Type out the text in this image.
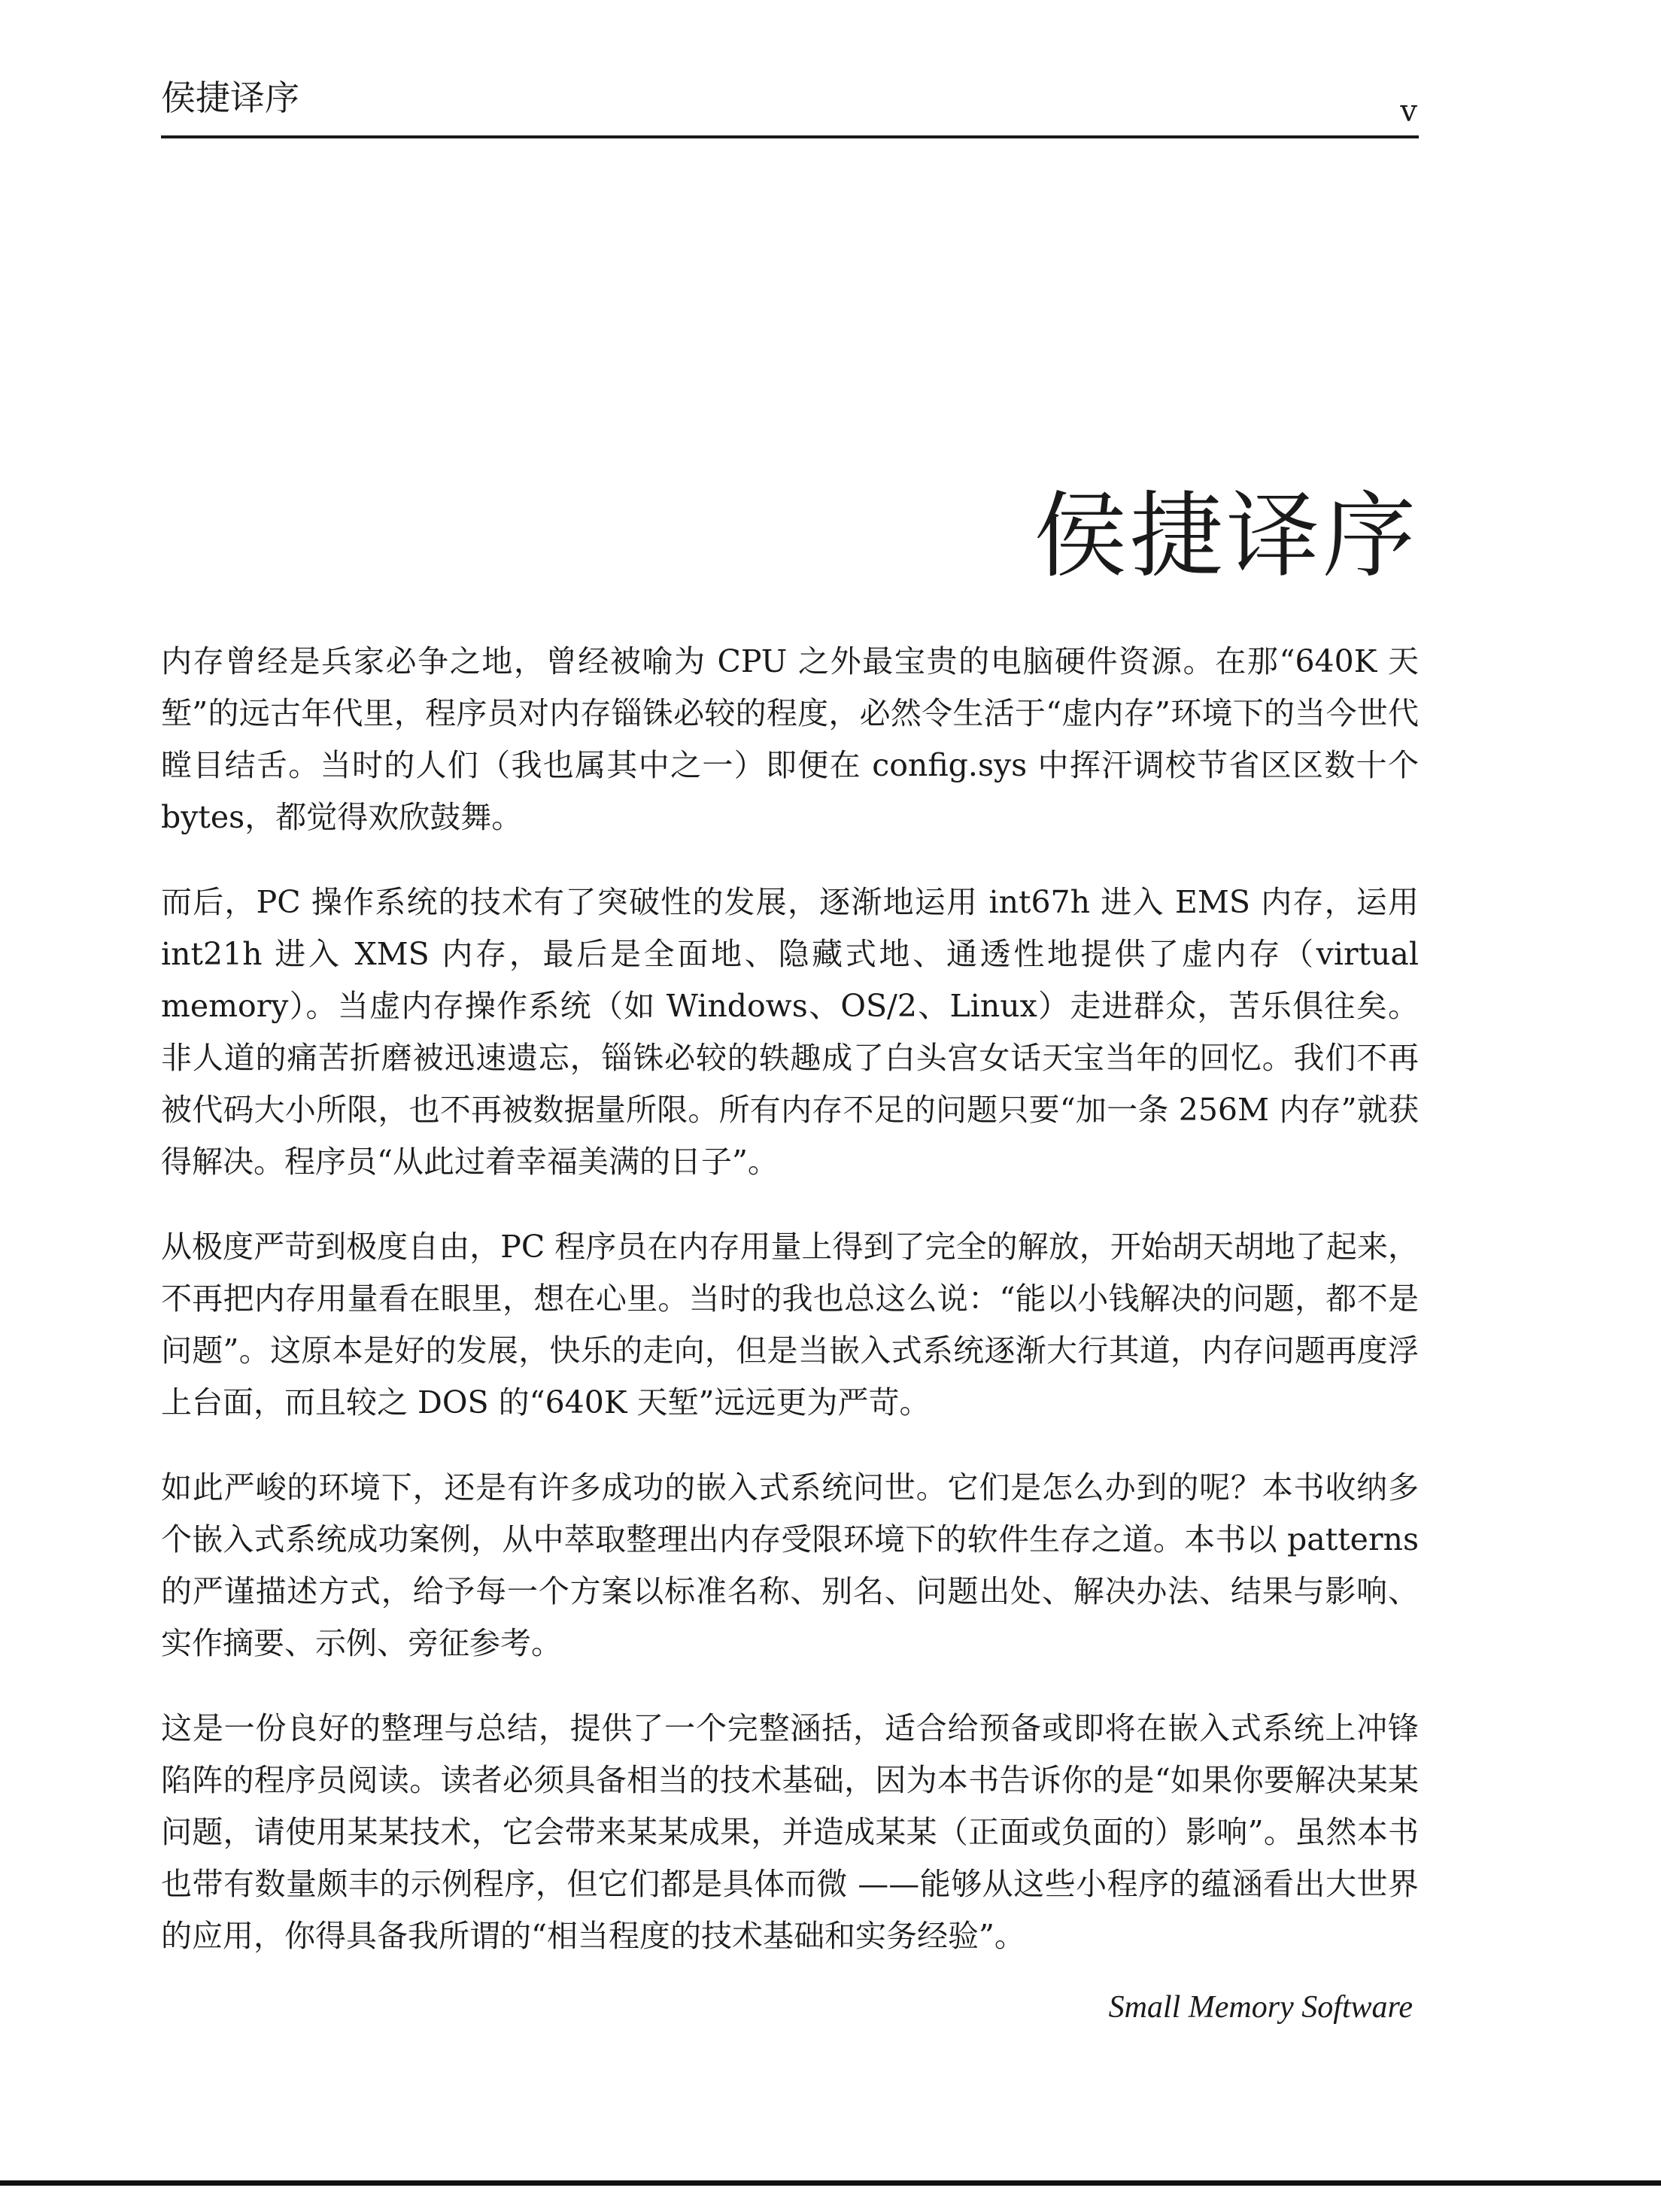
侯捷译序	v
侯捷译序

内存曾经是兵家必争之地，曾经被喻为 CPU 之外最宝贵的电脑硬件资源。在那“640K 天堑”的远古年代里，程序员对内存锱铢必较的程度，必然令生活于“虚内存”环境下的当今世代瞠目结舌。当时的人们（我也属其中之一）即便在 config.sys 中挥汗调校节省区区数十个 bytes，都觉得欢欣鼓舞。

而后，PC 操作系统的技术有了突破性的发展，逐渐地运用 int67h 进入 EMS 内存，运用 int21h 进入 XMS 内存，最后是全面地、隐藏式地、通透性地提供了虚内存（virtual memory）。当虚内存操作系统（如 Windows、OS/2、Linux）走进群众，苦乐俱往矣。非人道的痛苦折磨被迅速遗忘，锱铢必较的轶趣成了白头宫女话天宝当年的回忆。我们不再被代码大小所限，也不再被数据量所限。所有内存不足的问题只要“加一条 256M 内存”就获得解决。程序员“从此过着幸福美满的日子”。

从极度严苛到极度自由，PC 程序员在内存用量上得到了完全的解放，开始胡天胡地了起来，不再把内存用量看在眼里，想在心里。当时的我也总这么说：“能以小钱解决的问题，都不是问题”。这原本是好的发展，快乐的走向，但是当嵌入式系统逐渐大行其道，内存问题再度浮上台面，而且较之 DOS 的“640K 天堑”远远更为严苛。

如此严峻的环境下，还是有许多成功的嵌入式系统问世。它们是怎么办到的呢？本书收纳多个嵌入式系统成功案例，从中萃取整理出内存受限环境下的软件生存之道。本书以 patterns 的严谨描述方式，给予每一个方案以标准名称、别名、问题出处、解决办法、结果与影响、实作摘要、示例、旁征参考。

这是一份良好的整理与总结，提供了一个完整涵括，适合给预备或即将在嵌入式系统上冲锋陷阵的程序员阅读。读者必须具备相当的技术基础，因为本书告诉你的是“如果你要解决某某问题，请使用某某技术，它会带来某某成果，并造成某某（正面或负面的）影响”。虽然本书也带有数量颇丰的示例程序，但它们都是具体而微 ——能够从这些小程序的蕴涵看出大世界的应用，你得具备我所谓的“相当程度的技术基础和实务经验”。

Small Memory Software
